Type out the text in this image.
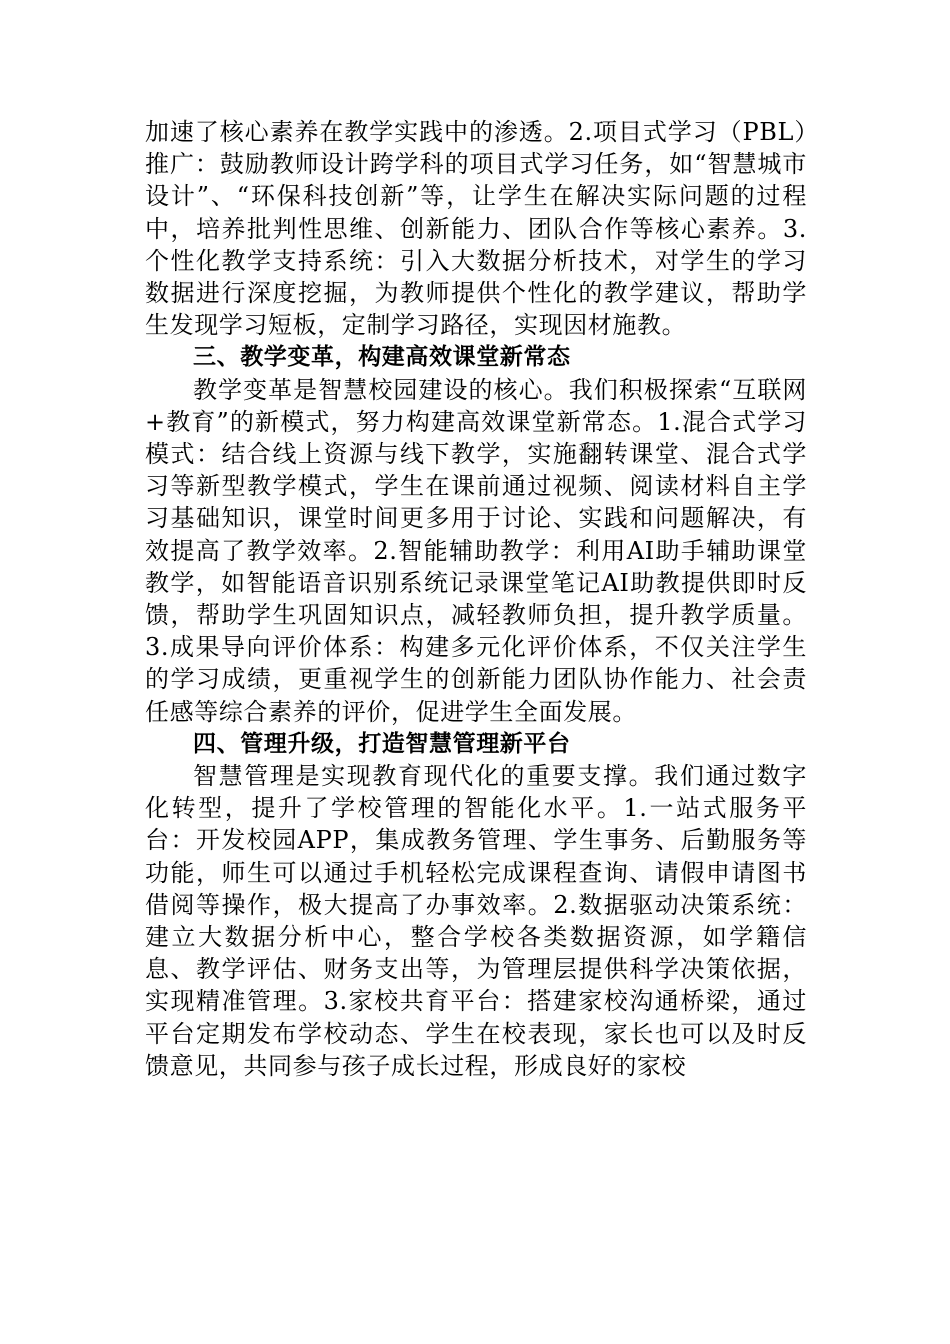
加速了核心素养在教学实践中的渗透。2.项目式学习（PBL）推广：鼓励教师设计跨学科的项目式学习任务，如“智慧城市设计”、“环保科技创新”等，让学生在解决实际问题的过程中，培养批判性思维、创新能力、团队合作等核心素养。3.个性化教学支持系统：引入大数据分析技术，对学生的学习数据进行深度挖掘，为教师提供个性化的教学建议，帮助学生发现学习短板，定制学习路径，实现因材施教。

三、教学变革，构建高效课堂新常态

教学变革是智慧校园建设的核心。我们积极探索“互联网+教育”的新模式，努力构建高效课堂新常态。1.混合式学习模式：结合线上资源与线下教学，实施翻转课堂、混合式学习等新型教学模式，学生在课前通过视频、阅读材料自主学习基础知识，课堂时间更多用于讨论、实践和问题解决，有效提高了教学效率。2.智能辅助教学：利用AI助手辅助课堂教学，如智能语音识别系统记录课堂笔记AI助教提供即时反馈，帮助学生巩固知识点，减轻教师负担，提升教学质量。3.成果导向评价体系：构建多元化评价体系，不仅关注学生的学习成绩，更重视学生的创新能力团队协作能力、社会责任感等综合素养的评价，促进学生全面发展。

四、管理升级，打造智慧管理新平台

智慧管理是实现教育现代化的重要支撑。我们通过数字化转型，提升了学校管理的智能化水平。1.一站式服务平台：开发校园APP，集成教务管理、学生事务、后勤服务等功能，师生可以通过手机轻松完成课程查询、请假申请图书借阅等操作，极大提高了办事效率。2.数据驱动决策系统：建立大数据分析中心，整合学校各类数据资源，如学籍信息、教学评估、财务支出等，为管理层提供科学决策依据，实现精准管理。3.家校共育平台：搭建家校沟通桥梁，通过平台定期发布学校动态、学生在校表现，家长也可以及时反馈意见，共同参与孩子成长过程，形成良好的家校
